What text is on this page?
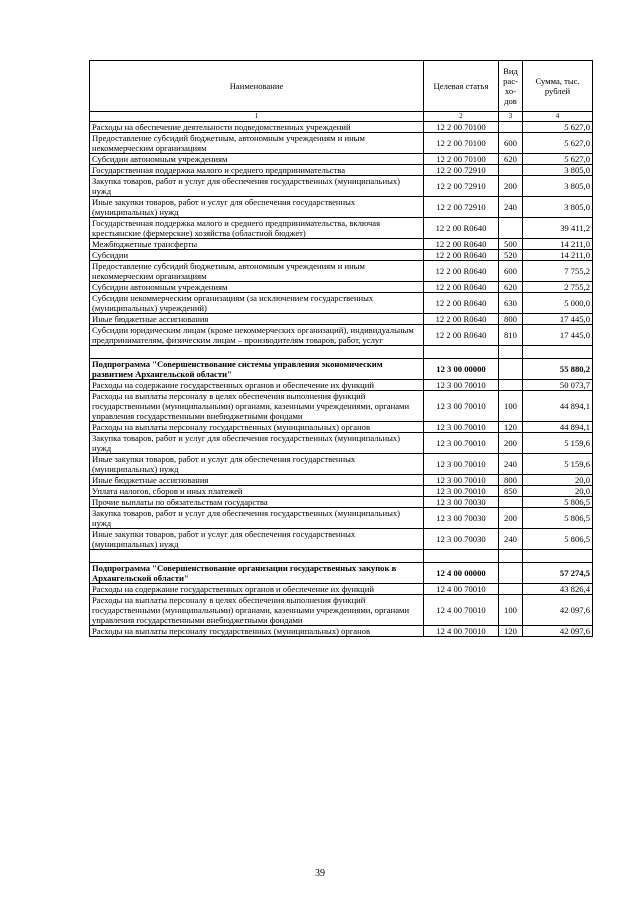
Наименование	Целевая статья	Вид рас- хо- дов	Сумма, тыс. рублей
1	2	3	4
Расходы на обеспечение деятельности подведомственных учреждений	12 2 00 70100		5 627,0
Предоставление субсидий бюджетным, автономным учреждениям и иным некоммерческим организациям	12 2 00 70100	600	5 627,0
Субсидии автономным учреждениям	12 2 00 70100	620	5 627,0
Государственная поддержка малого и среднего предпринимательства	12 2 00 72910		3 805,0
Закупка товаров, работ и услуг для обеспечения государственных (муниципальных) нужд	12 2 00 72910	200	3 805,0
Иные закупки товаров, работ и услуг для обеспечения государственных (муниципальных) нужд	12 2 00 72910	240	3 805,0
Государственная поддержка малого и среднего предпринимательства, включая крестьянские (фермерские) хозяйства (областной бюджет)	12 2 00 R0640		39 411,2
Межбюджетные трансферты	12 2 00 R0640	500	14 211,0
Субсидии	12 2 00 R0640	520	14 211,0
Предоставление субсидий бюджетным, автономным учреждениям и иным некоммерческим организациям	12 2 00 R0640	600	7 755,2
Субсидии автономным учреждениям	12 2 00 R0640	620	2 755,2
Субсидии некоммерческим организациям (за исключением государственных (муниципальных) учреждений)	12 2 00 R0640	630	5 000,0
Иные бюджетные ассигнования	12 2 00 R0640	800	17 445,0
Субсидии юридическим лицам (кроме некоммерческих организаций), индивидуальным предпринимателям, физическим лицам – производителям товаров, работ, услуг	12 2 00 R0640	810	17 445,0

Подпрограмма "Совершенствование системы управления экономическим развитием Архангельской области"	12 3 00 00000		55 880,2
Расходы на содержание государственных органов и обеспечение их функций	12 3 00 70010		50 073,7
Расходы на выплаты персоналу в целях обеспечения выполнения функций государственными (муниципальными) органами, казенными учреждениями, органами управления государственными внебюджетными фондами	12 3 00 70010	100	44 894,1
Расходы на выплаты персоналу государственных (муниципальных) органов	12 3 00 70010	120	44 894,1
Закупка товаров, работ и услуг для обеспечения государственных (муниципальных) нужд	12 3 00 70010	200	5 159,6
Иные закупки товаров, работ и услуг для обеспечения государственных (муниципальных) нужд	12 3 00 70010	240	5 159,6
Иные бюджетные ассигнования	12 3 00 70010	800	20,0
Уплата налогов, сборов и иных платежей	12 3 00 70010	850	20,0
Прочие выплаты по обязательствам государства	12 3 00 70030		5 806,5
Закупка товаров, работ и услуг для обеспечения государственных (муниципальных) нужд	12 3 00 70030	200	5 806,5
Иные закупки товаров, работ и услуг для обеспечения государственных (муниципальных) нужд	12 3 00 70030	240	5 806,5

Подпрограмма "Совершенствование организации государственных закупок в Архангельской области"	12 4 00 00000		57 274,5
Расходы на содержание государственных органов и обеспечение их функций	12 4 00 70010		43 826,4
Расходы на выплаты персоналу в целях обеспечения выполнения функций государственными (муниципальными) органами, казенными учреждениями, органами управления государственными внебюджетными фондами	12 4 00 70010	100	42 097,6
Расходы на выплаты персоналу государственных (муниципальных) органов	12 4 00 70010	120	42 097,6
39
